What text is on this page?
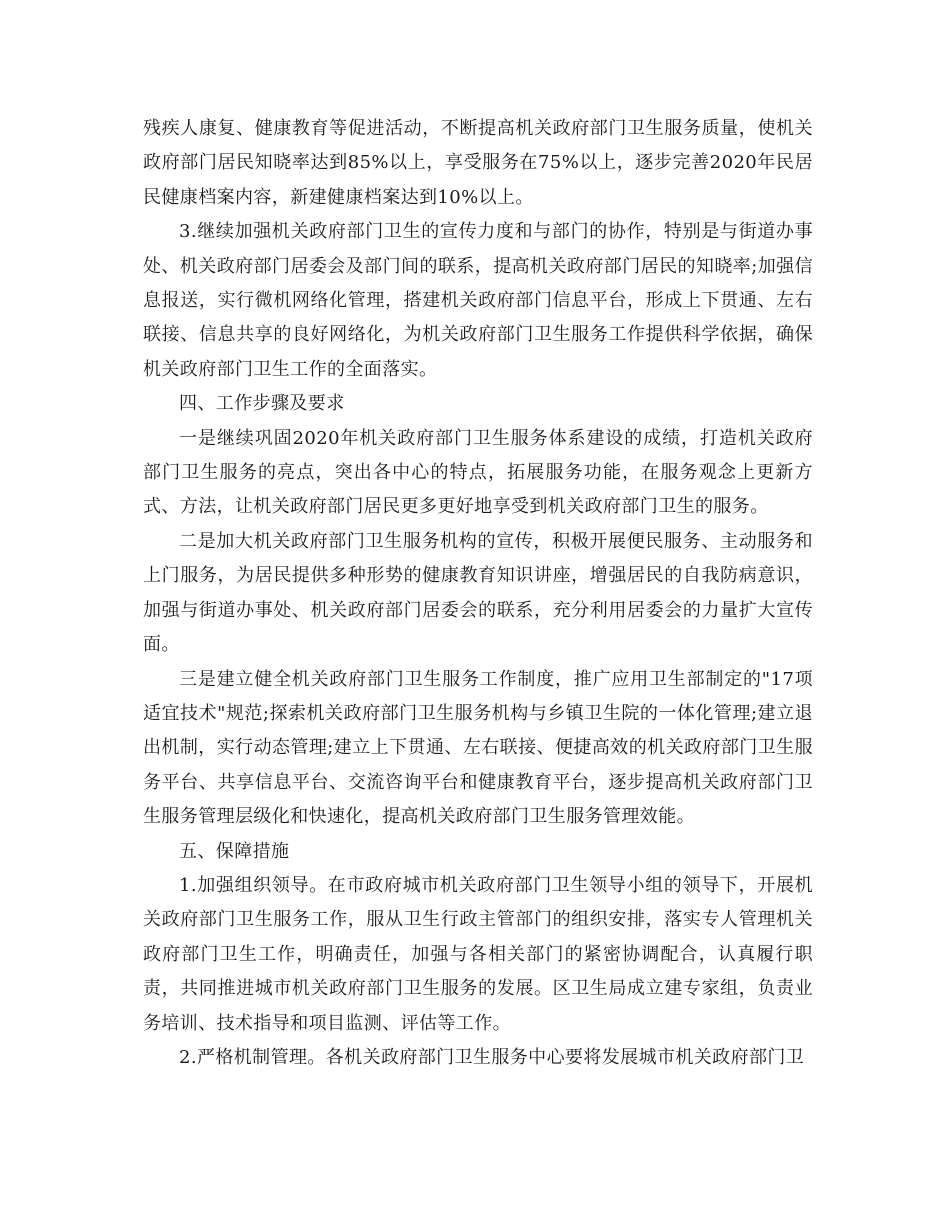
残疾人康复、健康教育等促进活动，不断提高机关政府部门卫生服务质量，使机关政府部门居民知晓率达到85%以上，享受服务在75%以上，逐步完善2020年民居民健康档案内容，新建健康档案达到10%以上。

3.继续加强机关政府部门卫生的宣传力度和与部门的协作，特别是与街道办事处、机关政府部门居委会及部门间的联系，提高机关政府部门居民的知晓率;加强信息报送，实行微机网络化管理，搭建机关政府部门信息平台，形成上下贯通、左右联接、信息共享的良好网络化，为机关政府部门卫生服务工作提供科学依据，确保机关政府部门卫生工作的全面落实。

四、工作步骤及要求

一是继续巩固2020年机关政府部门卫生服务体系建设的成绩，打造机关政府部门卫生服务的亮点，突出各中心的特点，拓展服务功能，在服务观念上更新方式、方法，让机关政府部门居民更多更好地享受到机关政府部门卫生的服务。

二是加大机关政府部门卫生服务机构的宣传，积极开展便民服务、主动服务和上门服务，为居民提供多种形势的健康教育知识讲座，增强居民的自我防病意识，加强与街道办事处、机关政府部门居委会的联系，充分利用居委会的力量扩大宣传面。

三是建立健全机关政府部门卫生服务工作制度，推广应用卫生部制定的"17项适宜技术"规范;探索机关政府部门卫生服务机构与乡镇卫生院的一体化管理;建立退出机制，实行动态管理;建立上下贯通、左右联接、便捷高效的机关政府部门卫生服务平台、共享信息平台、交流咨询平台和健康教育平台，逐步提高机关政府部门卫生服务管理层级化和快速化，提高机关政府部门卫生服务管理效能。

五、保障措施

1.加强组织领导。在市政府城市机关政府部门卫生领导小组的领导下，开展机关政府部门卫生服务工作，服从卫生行政主管部门的组织安排，落实专人管理机关政府部门卫生工作，明确责任，加强与各相关部门的紧密协调配合，认真履行职责，共同推进城市机关政府部门卫生服务的发展。区卫生局成立建专家组，负责业务培训、技术指导和项目监测、评估等工作。

2.严格机制管理。各机关政府部门卫生服务中心要将发展城市机关政府部门卫
